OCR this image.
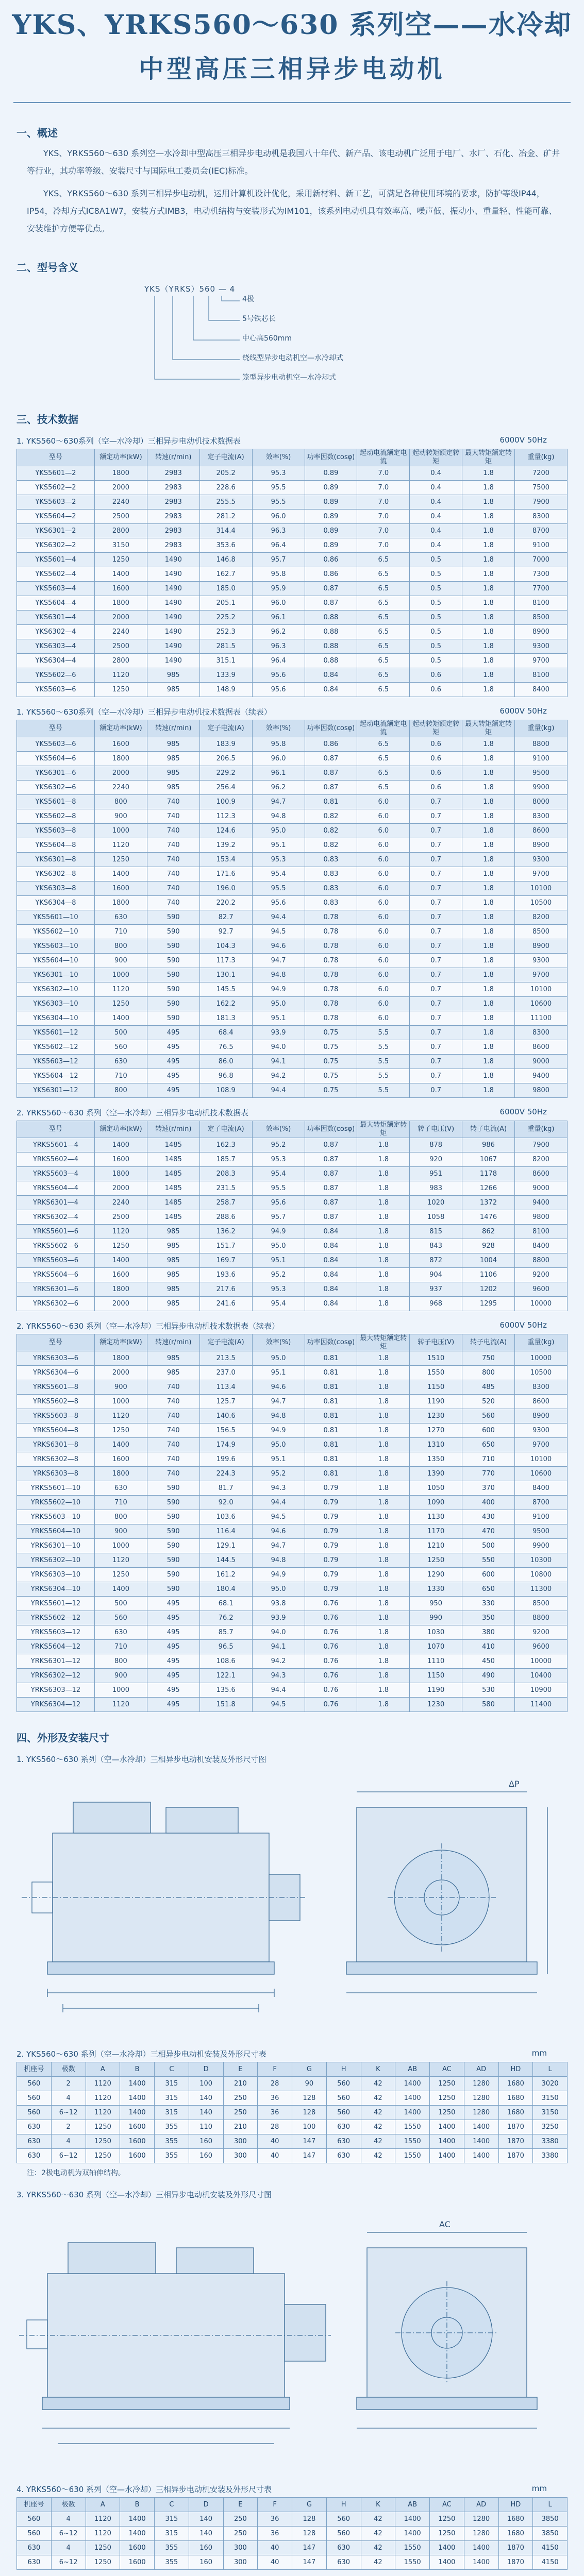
YKS、YRKS560～630 系列空——水冷却
中型高压三相异步电动机
一、概述
YKS、YRKS560～630 系列空—水冷却中型高压三相异步电动机是我国八十年代、新产品、该电动机广泛用于电厂、水厂、石化、冶金、矿井等行业，其功率等级、安装尺寸与国际电工委员会(IEC)标准。
YKS、YRKS560～630 系列三相异步电动机，运用计算机设计优化，采用新材料、新工艺，可满足各种使用环境的要求，防护等级IP44，IP54，冷却方式IC8A1W7，安装方式IMB3，电动机结构与安装形式为IM101，该系列电动机具有效率高、噪声低、振动小、重量轻、性能可靠、安装维护方便等优点。
二、型号含义
YKS（YRKS）560 — 4
4极
5号铁芯长
中心高560mm
绕线型异步电动机空—水冷却式
笼型异步电动机空—水冷却式
三、技术数据
1. YKS560～630系列（空—水冷却）三相异步电动机技术数据表	6000V 50Hz
型号	额定功率(kW)	转速(r/min)	定子电流(A)	效率(%)	功率因数(cosφ)	起动电流额定电流	起动转矩额定转矩	最大转矩额定转矩	重量(kg)
YKS5601—2	1800	2983	205.2	95.3	0.89	7.0	0.4	1.8	7200
YKS5602—2	2000	2983	228.6	95.5	0.89	7.0	0.4	1.8	7500
YKS5603—2	2240	2983	255.5	95.5	0.89	7.0	0.4	1.8	7900
YKS5604—2	2500	2983	281.2	96.0	0.89	7.0	0.4	1.8	8300
YKS6301—2	2800	2983	314.4	96.3	0.89	7.0	0.4	1.8	8700
YKS6302—2	3150	2983	353.6	96.4	0.89	7.0	0.4	1.8	9100
YKS5601—4	1250	1490	146.8	95.7	0.86	6.5	0.5	1.8	7000
YKS5602—4	1400	1490	162.7	95.8	0.86	6.5	0.5	1.8	7300
YKS5603—4	1600	1490	185.0	95.9	0.87	6.5	0.5	1.8	7700
YKS5604—4	1800	1490	205.1	96.0	0.87	6.5	0.5	1.8	8100
YKS6301—4	2000	1490	225.2	96.1	0.88	6.5	0.5	1.8	8500
YKS6302—4	2240	1490	252.3	96.2	0.88	6.5	0.5	1.8	8900
YKS6303—4	2500	1490	281.5	96.3	0.88	6.5	0.5	1.8	9300
YKS6304—4	2800	1490	315.1	96.4	0.88	6.5	0.5	1.8	9700
YKS5602—6	1120	985	133.9	95.6	0.84	6.5	0.6	1.8	8100
YKS5603—6	1250	985	148.9	95.6	0.84	6.5	0.6	1.8	8400
1. YKS560～630系列（空—水冷却）三相异步电动机技术数据表（续表）	6000V 50Hz
型号	额定功率(kW)	转速(r/min)	定子电流(A)	效率(%)	功率因数(cosφ)	起动电流额定电流	起动转矩额定转矩	最大转矩额定转矩	重量(kg)
YKS5603—6	1600	985	183.9	95.8	0.86	6.5	0.6	1.8	8800
YKS5604—6	1800	985	206.5	96.0	0.87	6.5	0.6	1.8	9100
YKS6301—6	2000	985	229.2	96.1	0.87	6.5	0.6	1.8	9500
YKS6302—6	2240	985	256.4	96.2	0.87	6.5	0.6	1.8	9900
YKS5601—8	800	740	100.9	94.7	0.81	6.0	0.7	1.8	8000
YKS5602—8	900	740	112.3	94.8	0.82	6.0	0.7	1.8	8300
YKS5603—8	1000	740	124.6	95.0	0.82	6.0	0.7	1.8	8600
YKS5604—8	1120	740	139.2	95.1	0.82	6.0	0.7	1.8	8900
YKS6301—8	1250	740	153.4	95.3	0.83	6.0	0.7	1.8	9300
YKS6302—8	1400	740	171.6	95.4	0.83	6.0	0.7	1.8	9700
YKS6303—8	1600	740	196.0	95.5	0.83	6.0	0.7	1.8	10100
YKS6304—8	1800	740	220.2	95.6	0.83	6.0	0.7	1.8	10500
YKS5601—10	630	590	82.7	94.4	0.78	6.0	0.7	1.8	8200
YKS5602—10	710	590	92.7	94.5	0.78	6.0	0.7	1.8	8500
YKS5603—10	800	590	104.3	94.6	0.78	6.0	0.7	1.8	8900
YKS5604—10	900	590	117.3	94.7	0.78	6.0	0.7	1.8	9300
YKS6301—10	1000	590	130.1	94.8	0.78	6.0	0.7	1.8	9700
YKS6302—10	1120	590	145.5	94.9	0.78	6.0	0.7	1.8	10100
YKS6303—10	1250	590	162.2	95.0	0.78	6.0	0.7	1.8	10600
YKS6304—10	1400	590	181.3	95.1	0.78	6.0	0.7	1.8	11100
YKS5601—12	500	495	68.4	93.9	0.75	5.5	0.7	1.8	8300
YKS5602—12	560	495	76.5	94.0	0.75	5.5	0.7	1.8	8600
YKS5603—12	630	495	86.0	94.1	0.75	5.5	0.7	1.8	9000
YKS5604—12	710	495	96.8	94.2	0.75	5.5	0.7	1.8	9400
YKS6301—12	800	495	108.9	94.4	0.75	5.5	0.7	1.8	9800
2. YRKS560～630 系列（空—水冷却）三相异步电动机技术数据表	6000V 50Hz
型号	额定功率(kW)	转速(r/min)	定子电流(A)	效率(%)	功率因数(cosφ)	最大转矩额定转矩	转子电压(V)	转子电流(A)	重量(kg)
YRKS5601—4	1400	1485	162.3	95.2	0.87	1.8	878	986	7900
YRKS5602—4	1600	1485	185.7	95.3	0.87	1.8	920	1067	8200
YRKS5603—4	1800	1485	208.3	95.4	0.87	1.8	951	1178	8600
YRKS5604—4	2000	1485	231.5	95.5	0.87	1.8	983	1266	9000
YRKS6301—4	2240	1485	258.7	95.6	0.87	1.8	1020	1372	9400
YRKS6302—4	2500	1485	288.6	95.7	0.87	1.8	1058	1476	9800
YRKS5601—6	1120	985	136.2	94.9	0.84	1.8	815	862	8100
YRKS5602—6	1250	985	151.7	95.0	0.84	1.8	843	928	8400
YRKS5603—6	1400	985	169.7	95.1	0.84	1.8	872	1004	8800
YRKS5604—6	1600	985	193.6	95.2	0.84	1.8	904	1106	9200
YRKS6301—6	1800	985	217.6	95.3	0.84	1.8	937	1202	9600
YRKS6302—6	2000	985	241.6	95.4	0.84	1.8	968	1295	10000
2. YRKS560～630 系列（空—水冷却）三相异步电动机技术数据表（续表）	6000V 50Hz
型号	额定功率(kW)	转速(r/min)	定子电流(A)	效率(%)	功率因数(cosφ)	最大转矩额定转矩	转子电压(V)	转子电流(A)	重量(kg)
YRKS6303—6	1800	985	213.5	95.0	0.81	1.8	1510	750	10000
YRKS6304—6	2000	985	237.0	95.1	0.81	1.8	1550	800	10500
YRKS5601—8	900	740	113.4	94.6	0.81	1.8	1150	485	8300
YRKS5602—8	1000	740	125.7	94.7	0.81	1.8	1190	520	8600
YRKS5603—8	1120	740	140.6	94.8	0.81	1.8	1230	560	8900
YRKS5604—8	1250	740	156.5	94.9	0.81	1.8	1270	600	9300
YRKS6301—8	1400	740	174.9	95.0	0.81	1.8	1310	650	9700
YRKS6302—8	1600	740	199.6	95.1	0.81	1.8	1350	710	10100
YRKS6303—8	1800	740	224.3	95.2	0.81	1.8	1390	770	10600
YRKS5601—10	630	590	81.7	94.3	0.79	1.8	1050	370	8400
YRKS5602—10	710	590	92.0	94.4	0.79	1.8	1090	400	8700
YRKS5603—10	800	590	103.6	94.5	0.79	1.8	1130	430	9100
YRKS5604—10	900	590	116.4	94.6	0.79	1.8	1170	470	9500
YRKS6301—10	1000	590	129.1	94.7	0.79	1.8	1210	500	9900
YRKS6302—10	1120	590	144.5	94.8	0.79	1.8	1250	550	10300
YRKS6303—10	1250	590	161.2	94.9	0.79	1.8	1290	600	10800
YRKS6304—10	1400	590	180.4	95.0	0.79	1.8	1330	650	11300
YRKS5601—12	500	495	68.1	93.8	0.76	1.8	950	330	8500
YRKS5602—12	560	495	76.2	93.9	0.76	1.8	990	350	8800
YRKS5603—12	630	495	85.7	94.0	0.76	1.8	1030	380	9200
YRKS5604—12	710	495	96.5	94.1	0.76	1.8	1070	410	9600
YRKS6301—12	800	495	108.6	94.2	0.76	1.8	1110	450	10000
YRKS6302—12	900	495	122.1	94.3	0.76	1.8	1150	490	10400
YRKS6303—12	1000	495	135.6	94.4	0.76	1.8	1190	530	10900
YRKS6304—12	1120	495	151.8	94.5	0.76	1.8	1230	580	11400
四、外形及安装尺寸
1. YKS560～630 系列（空—水冷却）三相异步电动机安装及外形尺寸图
ΔP
2. YKS560～630 系列（空—水冷却）三相异步电动机安装及外形尺寸表	mm
机座号	极数	A	B	C	D	E	F	G	H	K	AB	AC	AD	HD	L
560	2	1120	1400	315	100	210	28	90	560	42	1400	1250	1280	1680	3020
560	4	1120	1400	315	140	250	36	128	560	42	1400	1250	1280	1680	3150
560	6~12	1120	1400	315	140	250	36	128	560	42	1400	1250	1280	1680	3150
630	2	1250	1600	355	110	210	28	100	630	42	1550	1400	1400	1870	3250
630	4	1250	1600	355	160	300	40	147	630	42	1550	1400	1400	1870	3380
630	6~12	1250	1600	355	160	300	40	147	630	42	1550	1400	1400	1870	3380
注：2极电动机为双轴伸结构。
3. YRKS560～630 系列（空—水冷却）三相异步电动机安装及外形尺寸图
AC
4. YRKS560～630 系列（空—水冷却）三相异步电动机安装及外形尺寸表	mm
机座号	极数	A	B	C	D	E	F	G	H	K	AB	AC	AD	HD	L
560	4	1120	1400	315	140	250	36	128	560	42	1400	1250	1280	1680	3850
560	6~12	1120	1400	315	140	250	36	128	560	42	1400	1250	1280	1680	3850
630	4	1250	1600	355	160	300	40	147	630	42	1550	1400	1400	1870	4150
630	6~12	1250	1600	355	160	300	40	147	630	42	1550	1400	1400	1870	4150
